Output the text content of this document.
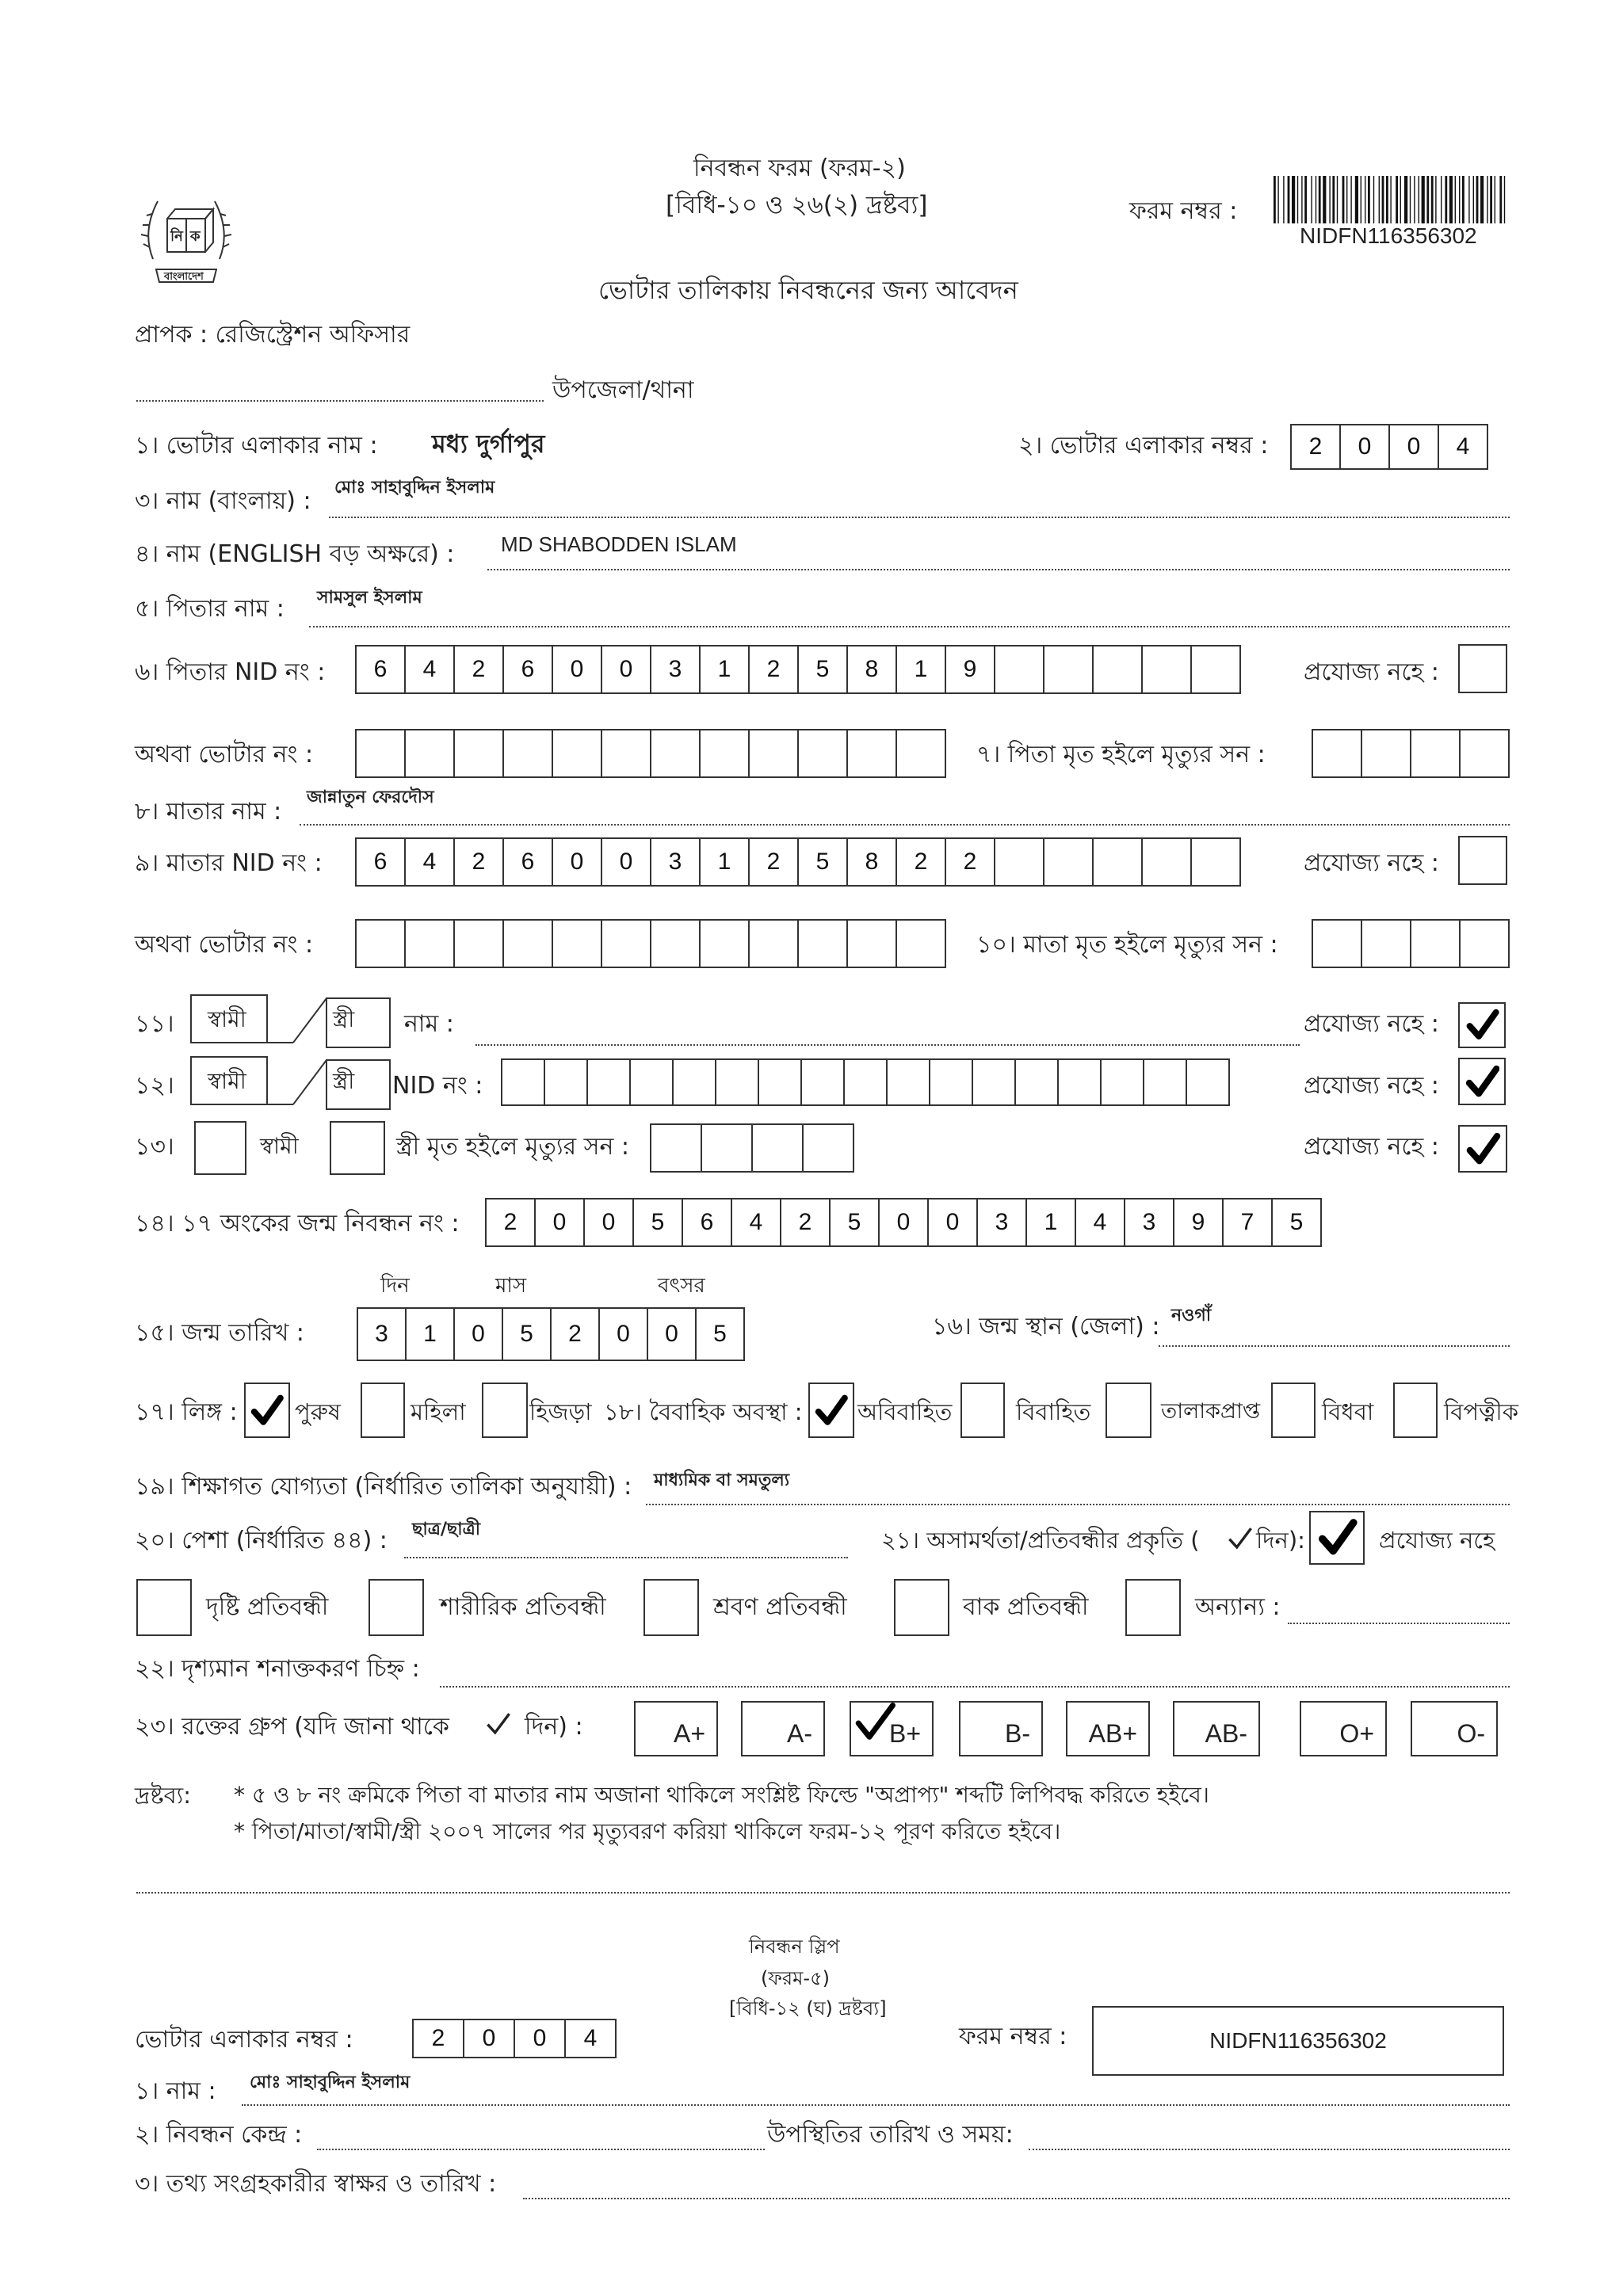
নি ক
বাংলাদেশ
নিবন্ধন ফরম (ফরম-২)
[বিধি-১০ ও ২৬(২) দ্রষ্টব্য]	ফরম নম্বর :
NIDFN116356302
ভোটার তালিকায় নিবন্ধনের জন্য আবেদন
প্রাপক : রেজিস্ট্রেশন অফিসার
উপজেলা/থানা
১। ভোটার এলাকার নাম : মধ্য দুর্গাপুর	২। ভোটার এলাকার নম্বর :	2	0	0	4
৩। নাম (বাংলায়) : মোঃ সাহাবুদ্দিন ইসলাম
৪। নাম (ENGLISH বড় অক্ষরে) : MD SHABODDEN ISLAM
৫। পিতার নাম : সামসুল ইসলাম
৬। পিতার NID নং :	6	4	2	6	0	0	3	1	2	5	8	1	9	প্রযোজ্য নহে :
অথবা ভোটার নং :	৭। পিতা মৃত হইলে মৃত্যুর সন :
৮। মাতার নাম :
জান্নাতুন ফেরদৌস
৯। মাতার NID নং :	6	4	2	6	0	0	3	1	2	5	8	2	2	প্রযোজ্য নহে :
অথবা ভোটার নং :	১০। মাতা মৃত হইলে মৃত্যুর সন :
১১। স্বামী	স্ত্রী নাম :	প্রযোজ্য নহে :
১২। স্বামী	স্ত্রী NID নং :	প্রযোজ্য নহে :
১৩।	স্বামী	স্ত্রী মৃত হইলে মৃত্যুর সন :	প্রযোজ্য নহে :
১৪। ১৭ অংকের জন্ম নিবন্ধন নং :	2	0	0	5	6	4	2	5	0	0	3	1	4	3	9	7	5
দিন	মাস	বৎসর
১৫। জন্ম তারিখ :	3	1	0	5	2	0	0	5	১৬। জন্ম স্থান (জেলা) : নওগাঁ
১৭। লিঙ্গ : পুরুষ	মহিলা	হিজড়া ১৮। বৈবাহিক অবস্থা : অবিবাহিত	বিবাহিত	তালাকপ্রাপ্ত	বিধবা	বিপত্নীক
১৯। শিক্ষাগত যোগ্যতা (নির্ধারিত তালিকা অনুযায়ী) : মাধ্যমিক বা সমতুল্য
২০। পেশা (নির্ধারিত ৪৪) : ছাত্র/ছাত্রী	২১। অসামর্থতা/প্রতিবন্ধীর প্রকৃতি ( দিন):	প্রযোজ্য নহে
দৃষ্টি প্রতিবন্ধী	শারীরিক প্রতিবন্ধী	শ্রবণ প্রতিবন্ধী	বাক প্রতিবন্ধী	অন্যান্য :
২২। দৃশ্যমান শনাক্তকরণ চিহ্ন :
২৩। রক্তের গ্রুপ (যদি জানা থাকে	দিন) :	A+	A-	B+	B- AB+	AB-	O+	O-
দ্রষ্টব্য: * ৫ ও ৮ নং ক্রমিকে পিতা বা মাতার নাম অজানা থাকিলে সংশ্লিষ্ট ফিল্ডে "অপ্রাপ্য" শব্দটি লিপিবদ্ধ করিতে হইবে।
* পিতা/মাতা/স্বামী/স্ত্রী ২০০৭ সালের পর মৃত্যুবরণ করিয়া থাকিলে ফরম-১২ পূরণ করিতে হইবে।
নিবন্ধন স্লিপ
(ফরম-৫)
[বিধি-১২ (ঘ) দ্রষ্টব্য]
ভোটার এলাকার নম্বর :	2	0	0	4	ফরম নম্বর :	NIDFN116356302
১। নাম : মোঃ সাহাবুদ্দিন ইসলাম
২। নিবন্ধন কেন্দ্র :	উপস্থিতির তারিখ ও সময়:
৩। তথ্য সংগ্রহকারীর স্বাক্ষর ও তারিখ :
